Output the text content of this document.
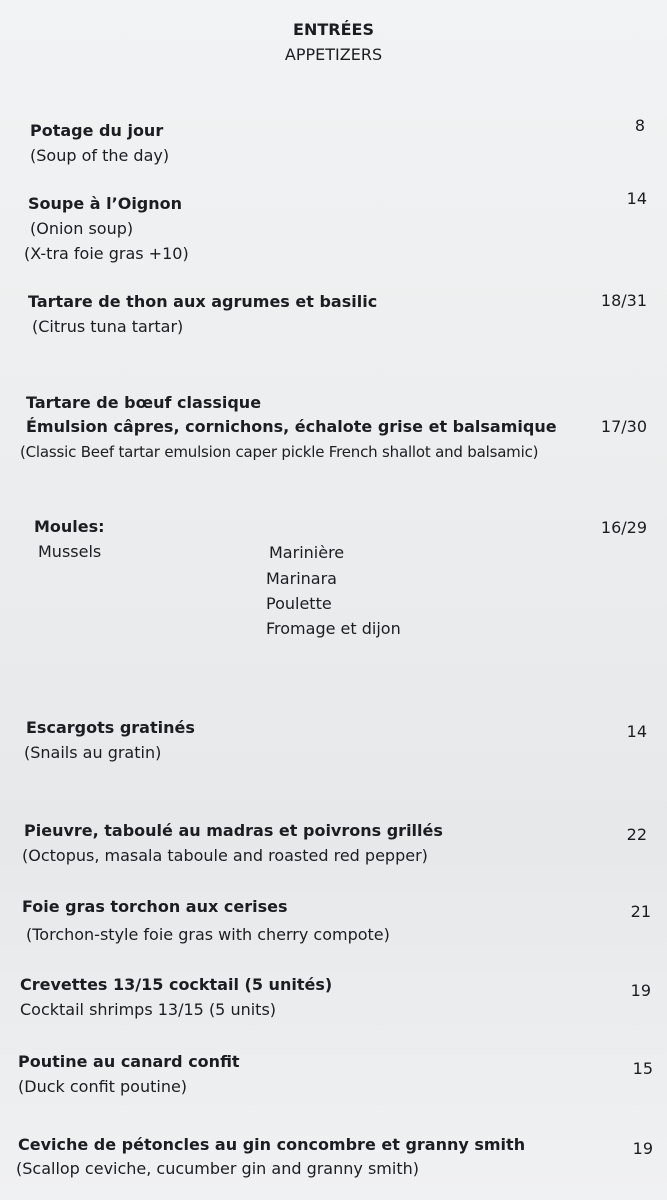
ENTRÉES
APPETIZERS
Potage du jour
(Soup of the day)
8
Soupe à l’Oignon
(Onion soup)
(X-tra foie gras +10)
14
Tartare de thon aux agrumes et basilic
(Citrus tuna tartar)
18/31
Tartare de bœuf classique
Émulsion câpres, cornichons, échalote grise et balsamique
(Classic Beef tartar emulsion caper pickle French shallot and balsamic)
17/30
Moules:
Mussels	Marinière
Marinara
Poulette
Fromage et dijon
16/29
Escargots gratinés
(Snails au gratin)
14
Pieuvre, taboulé au madras et poivrons grillés
(Octopus, masala taboule and roasted red pepper)
22
Foie gras torchon aux cerises
(Torchon-style foie gras with cherry compote)
21
Crevettes 13/15 cocktail (5 unités)
Cocktail shrimps 13/15 (5 units)
19
Poutine au canard confit
(Duck confit poutine)
15
Ceviche de pétoncles au gin concombre et granny smith
(Scallop ceviche, cucumber gin and granny smith)
19
